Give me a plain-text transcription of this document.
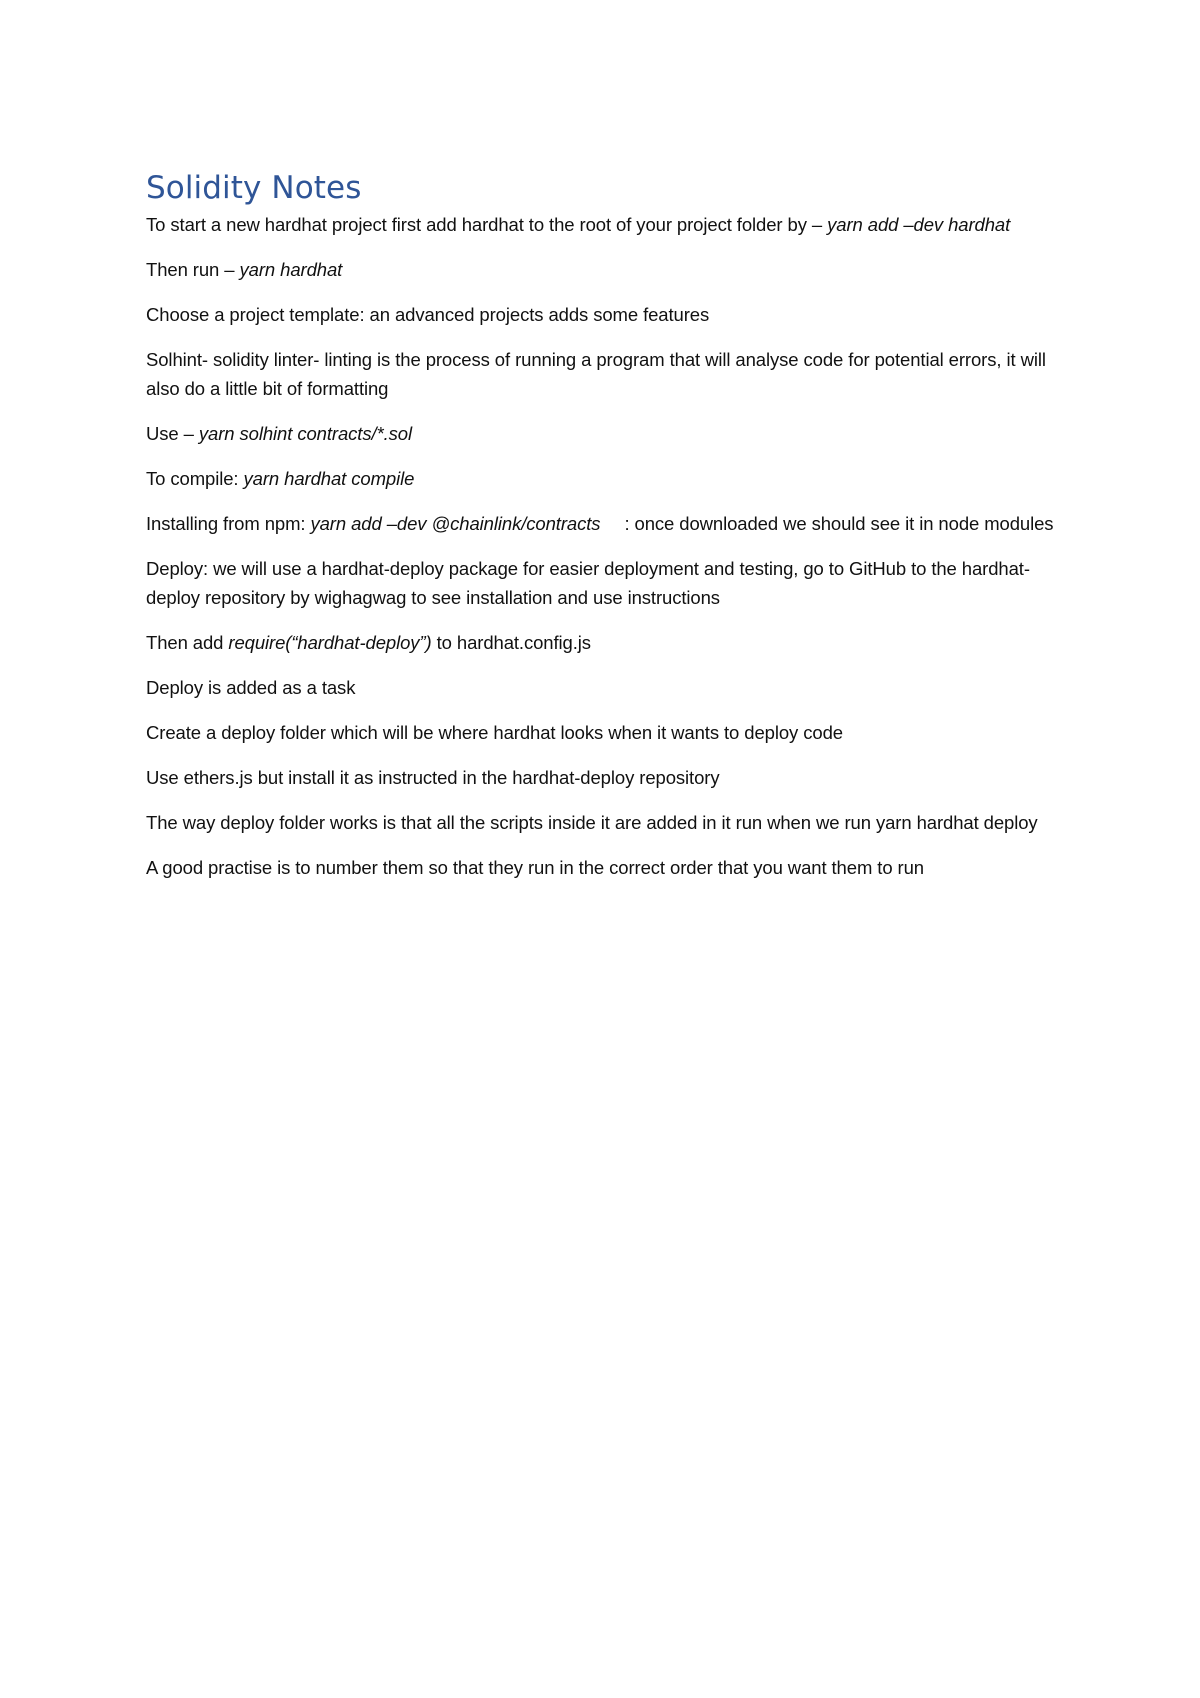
Solidity Notes

To start a new hardhat project first add hardhat to the root of your project folder by – yarn add –dev hardhat

Then run – yarn hardhat

Choose a project template: an advanced projects adds some features

Solhint- solidity linter- linting is the process of running a program that will analyse code for potential errors, it will also do a little bit of formatting

Use – yarn solhint contracts/*.sol

To compile: yarn hardhat compile

Installing from npm: yarn add –dev @chainlink/contracts : once downloaded we should see it in node modules

Deploy: we will use a hardhat-deploy package for easier deployment and testing, go to GitHub to the hardhat-deploy repository by wighagwag to see installation and use instructions

Then add require(“hardhat-deploy”) to hardhat.config.js

Deploy is added as a task

Create a deploy folder which will be where hardhat looks when it wants to deploy code

Use ethers.js but install it as instructed in the hardhat-deploy repository

The way deploy folder works is that all the scripts inside it are added in it run when we run yarn hardhat deploy

A good practise is to number them so that they run in the correct order that you want them to run
